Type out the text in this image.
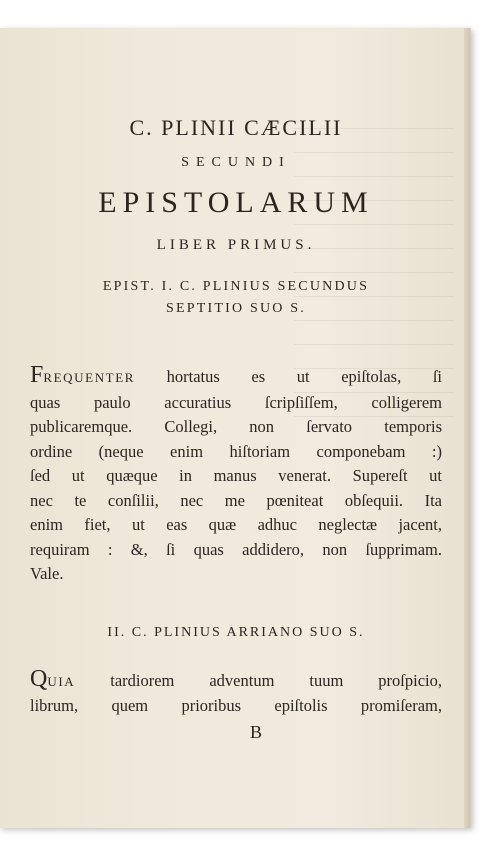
C. PLINII CÆCILII
SECUNDI
EPISTOLARUM
LIBER PRIMUS.
EPIST. I. C. PLINIUS SECUNDUS
SEPTITIO SUO S.
FREQUENTER hortatus es ut epiſtolas, ſi
quas paulo accuratius ſcripſiſſem, colligerem
publicaremque. Collegi, non ſervato temporis
ordine (neque enim hiſtoriam componebam :)
ſed ut quæque in manus venerat. Supereſt ut
nec te conſilii, nec me pœniteat obſequii. Ita
enim fiet, ut eas quæ adhuc neglectæ jacent,
requiram : &, ſi quas addidero, non ſupprimam.
Vale.
II. C. PLINIUS ARRIANO SUO S.
QUIA tardiorem adventum tuum proſpicio,
librum, quem prioribus epiſtolis promiſeram,
B
